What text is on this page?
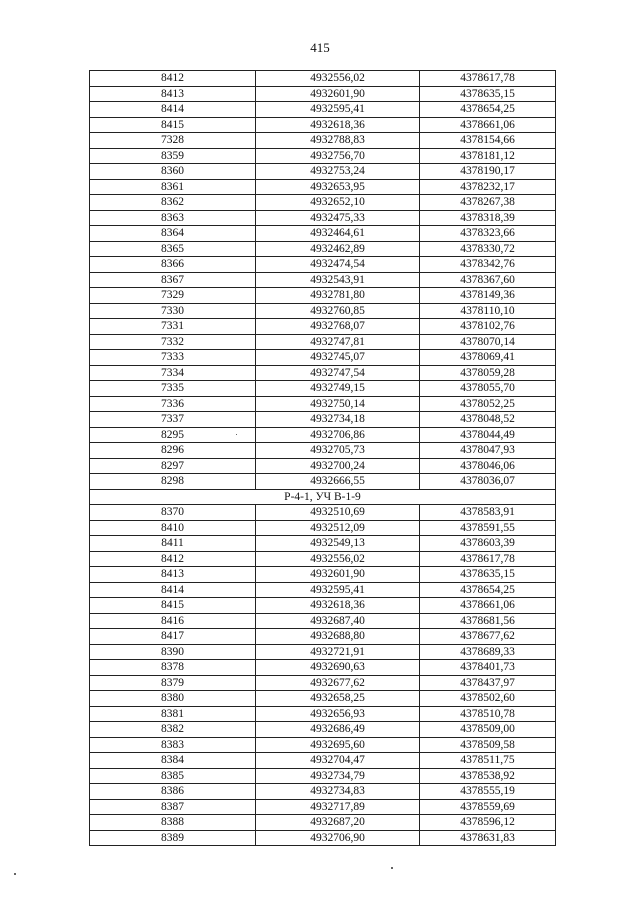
415
8412	4932556,02	4378617,78
8413	4932601,90	4378635,15
8414	4932595,41	4378654,25
8415	4932618,36	4378661,06
7328	4932788,83	4378154,66
8359	4932756,70	4378181,12
8360	4932753,24	4378190,17
8361	4932653,95	4378232,17
8362	4932652,10	4378267,38
8363	4932475,33	4378318,39
8364	4932464,61	4378323,66
8365	4932462,89	4378330,72
8366	4932474,54	4378342,76
8367	4932543,91	4378367,60
7329	4932781,80	4378149,36
7330	4932760,85	4378110,10
7331	4932768,07	4378102,76
7332	4932747,81	4378070,14
7333	4932745,07	4378069,41
7334	4932747,54	4378059,28
7335	4932749,15	4378055,70
7336	4932750,14	4378052,25
7337	4932734,18	4378048,52
8295	4932706,86	4378044,49
8296	4932705,73	4378047,93
8297	4932700,24	4378046,06
8298	4932666,55	4378036,07
Р-4-1, УЧ В-1-9		
8370	4932510,69	4378583,91
8410	4932512,09	4378591,55
8411	4932549,13	4378603,39
8412	4932556,02	4378617,78
8413	4932601,90	4378635,15
8414	4932595,41	4378654,25
8415	4932618,36	4378661,06
8416	4932687,40	4378681,56
8417	4932688,80	4378677,62
8390	4932721,91	4378689,33
8378	4932690,63	4378401,73
8379	4932677,62	4378437,97
8380	4932658,25	4378502,60
8381	4932656,93	4378510,78
8382	4932686,49	4378509,00
8383	4932695,60	4378509,58
8384	4932704,47	4378511,75
8385	4932734,79	4378538,92
8386	4932734,83	4378555,19
8387	4932717,89	4378559,69
8388	4932687,20	4378596,12
8389	4932706,90	4378631,83
